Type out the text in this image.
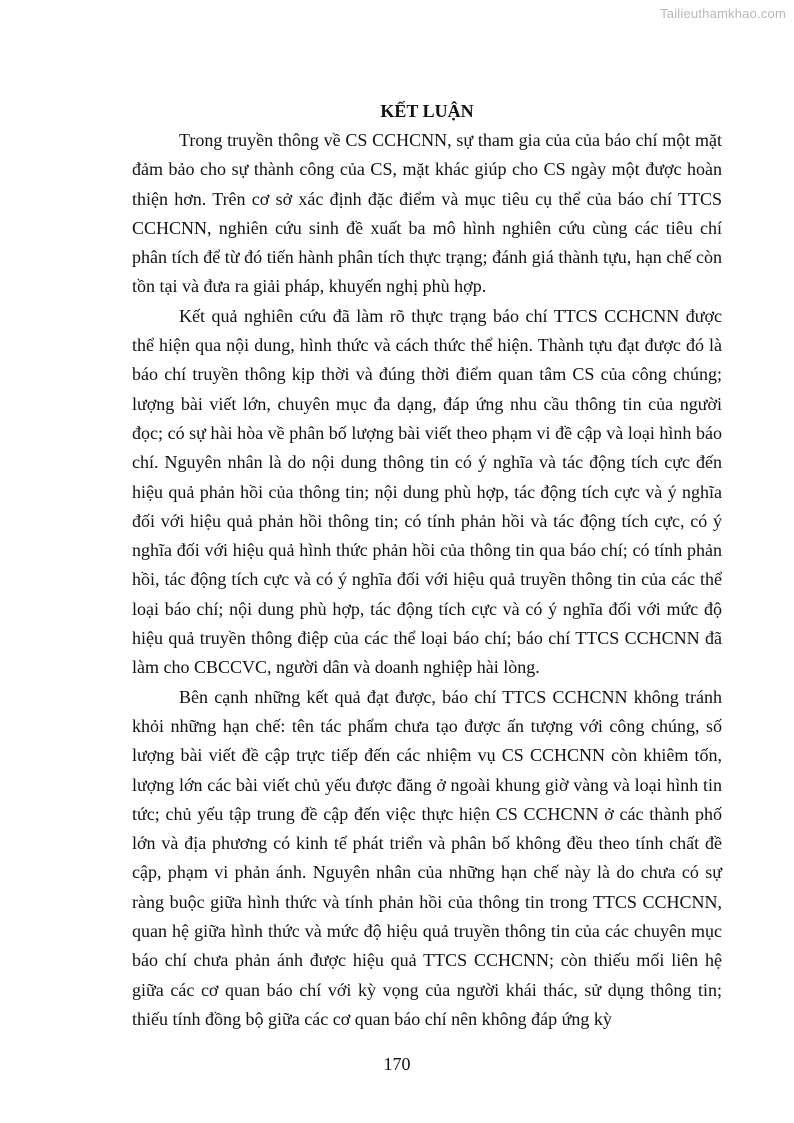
Tailieuthamkhao.com
KẾT LUẬN

Trong truyền thông về CS CCHCNN, sự tham gia của của báo chí một mặt đảm bảo cho sự thành công của CS, mặt khác giúp cho CS ngày một được hoàn thiện hơn. Trên cơ sở xác định đặc điểm và mục tiêu cụ thể của báo chí TTCS CCHCNN, nghiên cứu sinh đề xuất ba mô hình nghiên cứu cùng các tiêu chí phân tích để từ đó tiến hành phân tích thực trạng; đánh giá thành tựu, hạn chế còn tồn tại và đưa ra giải pháp, khuyến nghị phù hợp.

Kết quả nghiên cứu đã làm rõ thực trạng báo chí TTCS CCHCNN được thể hiện qua nội dung, hình thức và cách thức thể hiện. Thành tựu đạt được đó là báo chí truyền thông kịp thời và đúng thời điểm quan tâm CS của công chúng; lượng bài viết lớn, chuyên mục đa dạng, đáp ứng nhu cầu thông tin của người đọc; có sự hài hòa về phân bố lượng bài viết theo phạm vi đề cập và loại hình báo chí. Nguyên nhân là do nội dung thông tin có ý nghĩa và tác động tích cực đến hiệu quả phản hồi của thông tin; nội dung phù hợp, tác động tích cực và ý nghĩa đối với hiệu quả phản hồi thông tin; có tính phản hồi và tác động tích cực, có ý nghĩa đối với hiệu quả hình thức phản hồi của thông tin qua báo chí; có tính phản hồi, tác động tích cực và có ý nghĩa đối với hiệu quả truyền thông tin của các thể loại báo chí; nội dung phù hợp, tác động tích cực và có ý nghĩa đối với mức độ hiệu quả truyền thông điệp của các thể loại báo chí; báo chí TTCS CCHCNN đã làm cho CBCCVC, người dân và doanh nghiệp hài lòng.

Bên cạnh những kết quả đạt được, báo chí TTCS CCHCNN không tránh khỏi những hạn chế: tên tác phẩm chưa tạo được ấn tượng với công chúng, số lượng bài viết đề cập trực tiếp đến các nhiệm vụ CS CCHCNN còn khiêm tốn, lượng lớn các bài viết chủ yếu được đăng ở ngoài khung giờ vàng và loại hình tin tức; chủ yếu tập trung đề cập đến việc thực hiện CS CCHCNN ở các thành phố lớn và địa phương có kinh tế phát triển và phân bố không đều theo tính chất đề cập, phạm vi phản ánh. Nguyên nhân của những hạn chế này là do chưa có sự ràng buộc giữa hình thức và tính phản hồi của thông tin trong TTCS CCHCNN, quan hệ giữa hình thức và mức độ hiệu quả truyền thông tin của các chuyên mục báo chí chưa phản ánh được hiệu quả TTCS CCHCNN; còn thiếu mối liên hệ giữa các cơ quan báo chí với kỳ vọng của người khái thác, sử dụng thông tin; thiếu tính đồng bộ giữa các cơ quan báo chí nên không đáp ứng kỳ

170
